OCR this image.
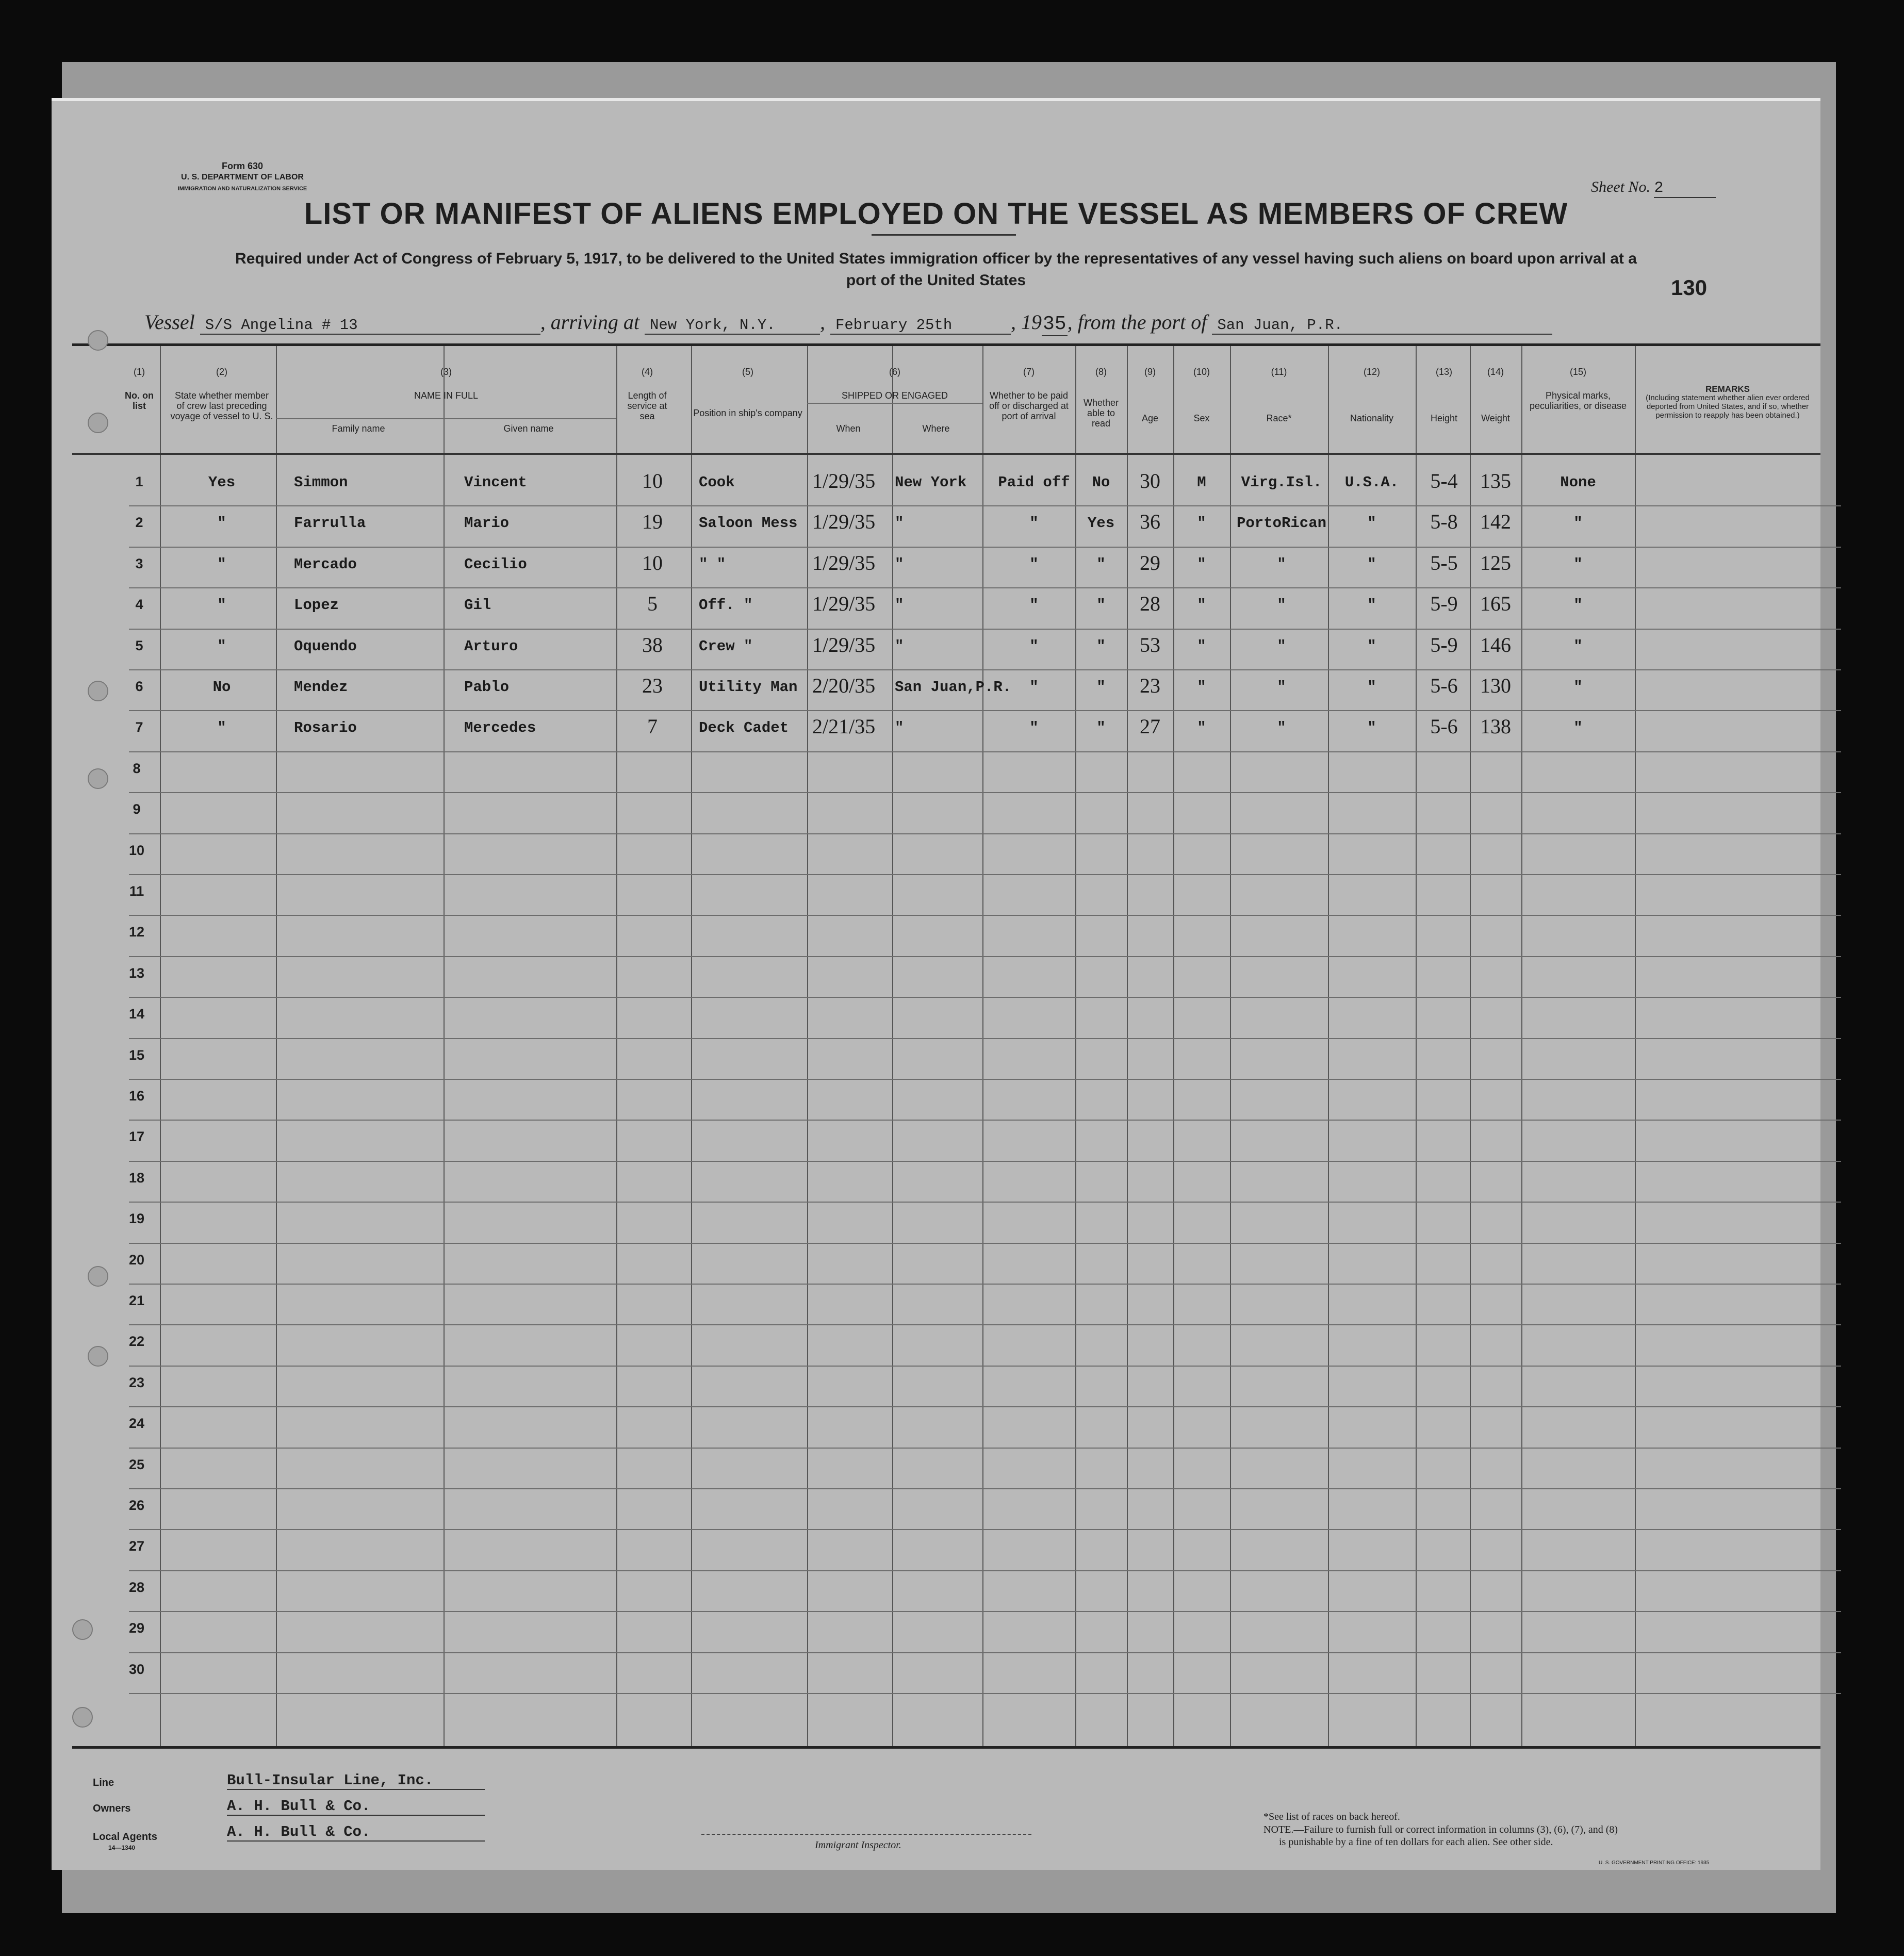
Form 630
U. S. DEPARTMENT OF LABOR
IMMIGRATION AND NATURALIZATION SERVICE	Sheet No. 2
LIST OR MANIFEST OF ALIENS EMPLOYED ON THE VESSEL AS MEMBERS OF CREW
Required under Act of Congress of February 5, 1917, to be delivered to the United States immigration officer by the representatives of any vessel having such aliens on board upon arrival at a
port of the United States	130
Vessel S/S Angelina # 13	, arriving at New York, N.Y. , February 25th	, 1935, from the port of San Juan, P.R.
(1)
No. on list
(2)
State whether member of crew last preceding voyage of vessel to U. S.
(3)
NAME IN FULL
Family name	Given name
(4)
Length of service at sea
(5)
Position in ship's company
(6)
SHIPPED OR ENGAGED
When	Where
(7)
Whether to be paid off or discharged at port of arrival
(8)
Whether able to read
(9)
Age
(10)
Sex
(11)
Race*
(12)
Nationality
(13)
Height
(14)
Weight
(15)
Physical marks, peculiarities, or disease
REMARKS
(Including statement whether alien ever ordered deported from United States, and if so, whether permission to reapply has been obtained.)
1	Yes	Simmon	Vincent	10	Cook	1/29/35	New York	Paid off	No	30	M	Virg.Isl.	U.S.A.	5-4	135	None
2	"	Farrulla	Mario	19	Saloon Mess 1/29/35	"	"	Yes	36	"	PortoRican	"	5-8	142	"
3	"	Mercado	Cecilio	10	" "	1/29/35	"	"	"	29	"	"	"	5-5	125	"
4	"	Lopez	Gil	5	Off. "	1/29/35	"	"	"	28	"	"	"	5-9	165	"
5	"	Oquendo	Arturo	38	Crew "	1/29/35	"	"	"	53	"	"	"	5-9	146	"
6	No	Mendez	Pablo	23	Utility Man 2/20/35	San Juan,P.R.	"	"	23	"	"	"	5-6	130	"
7	"	Rosario	Mercedes	7	Deck Cadet	2/21/35	"	"	"	27	"	"	"	5-6	138	"
8
9
10
11
12
13
14
15
16
17
18
19
20
21
22
23
24
25
26
27
28
29
30
Line	Bull-Insular Line, Inc.
Owners	A. H. Bull & Co.
Local Agents	A. H. Bull & Co.
14—1340	Immigrant Inspector.
*See list of races on back hereof.
NOTE.—Failure to furnish full or correct information in columns (3), (6), (7), and (8)
is punishable by a fine of ten dollars for each alien. See other side.
U. S. GOVERNMENT PRINTING OFFICE: 1935
